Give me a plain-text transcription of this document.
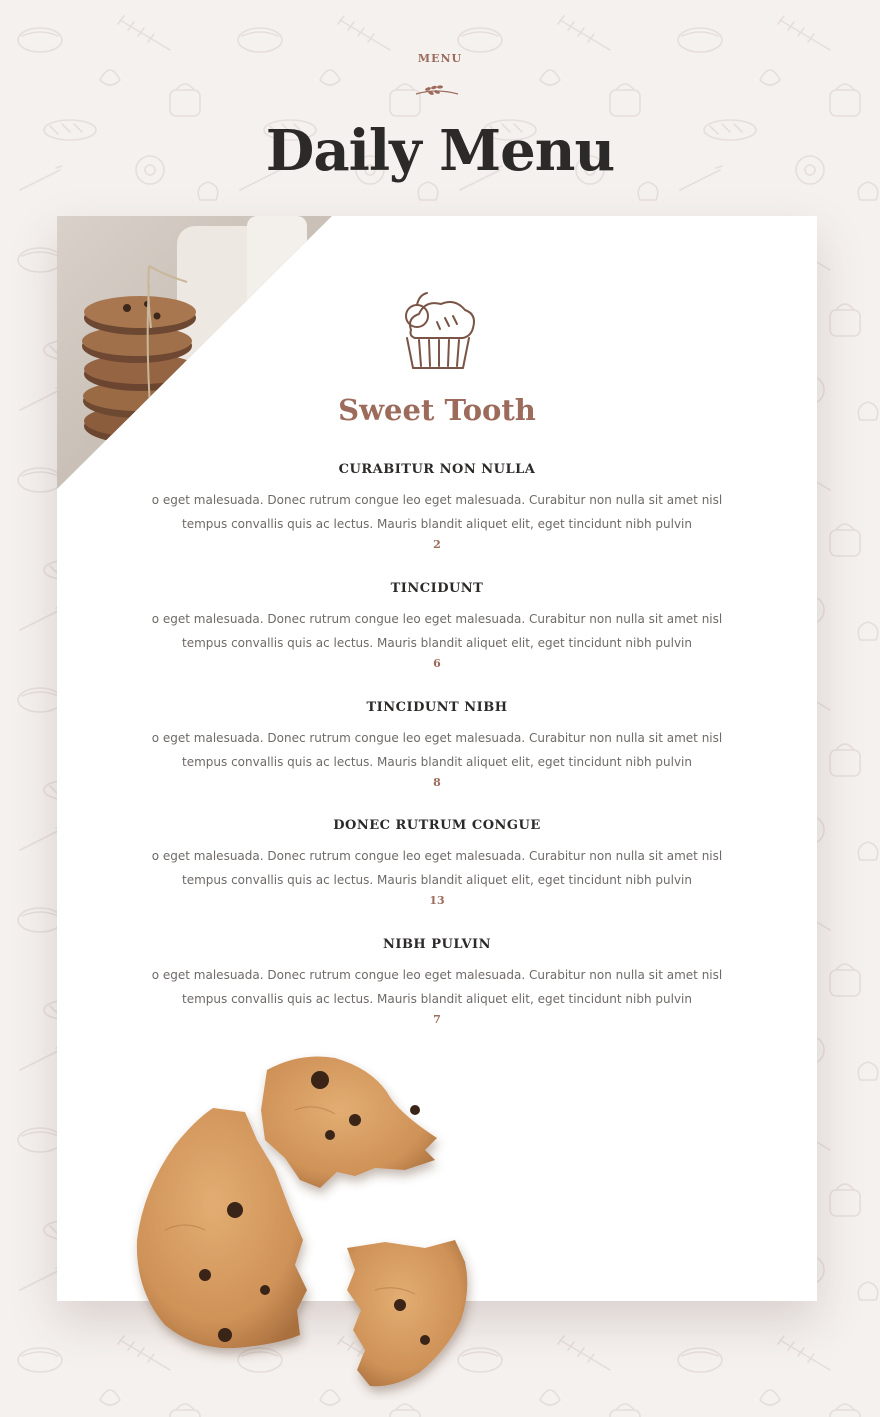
MENU
Daily Menu
Sweet Tooth
CURABITUR NON NULLA
o eget malesuada. Donec rutrum congue leo eget malesuada. Curabitur non nulla sit amet nisl tempus convallis quis ac lectus. Mauris blandit aliquet elit, eget tincidunt nibh pulvin
2
TINCIDUNT
o eget malesuada. Donec rutrum congue leo eget malesuada. Curabitur non nulla sit amet nisl tempus convallis quis ac lectus. Mauris blandit aliquet elit, eget tincidunt nibh pulvin
6
TINCIDUNT NIBH
o eget malesuada. Donec rutrum congue leo eget malesuada. Curabitur non nulla sit amet nisl tempus convallis quis ac lectus. Mauris blandit aliquet elit, eget tincidunt nibh pulvin
8
DONEC RUTRUM CONGUE
o eget malesuada. Donec rutrum congue leo eget malesuada. Curabitur non nulla sit amet nisl tempus convallis quis ac lectus. Mauris blandit aliquet elit, eget tincidunt nibh pulvin
13
NIBH PULVIN
o eget malesuada. Donec rutrum congue leo eget malesuada. Curabitur non nulla sit amet nisl tempus convallis quis ac lectus. Mauris blandit aliquet elit, eget tincidunt nibh pulvin
7
